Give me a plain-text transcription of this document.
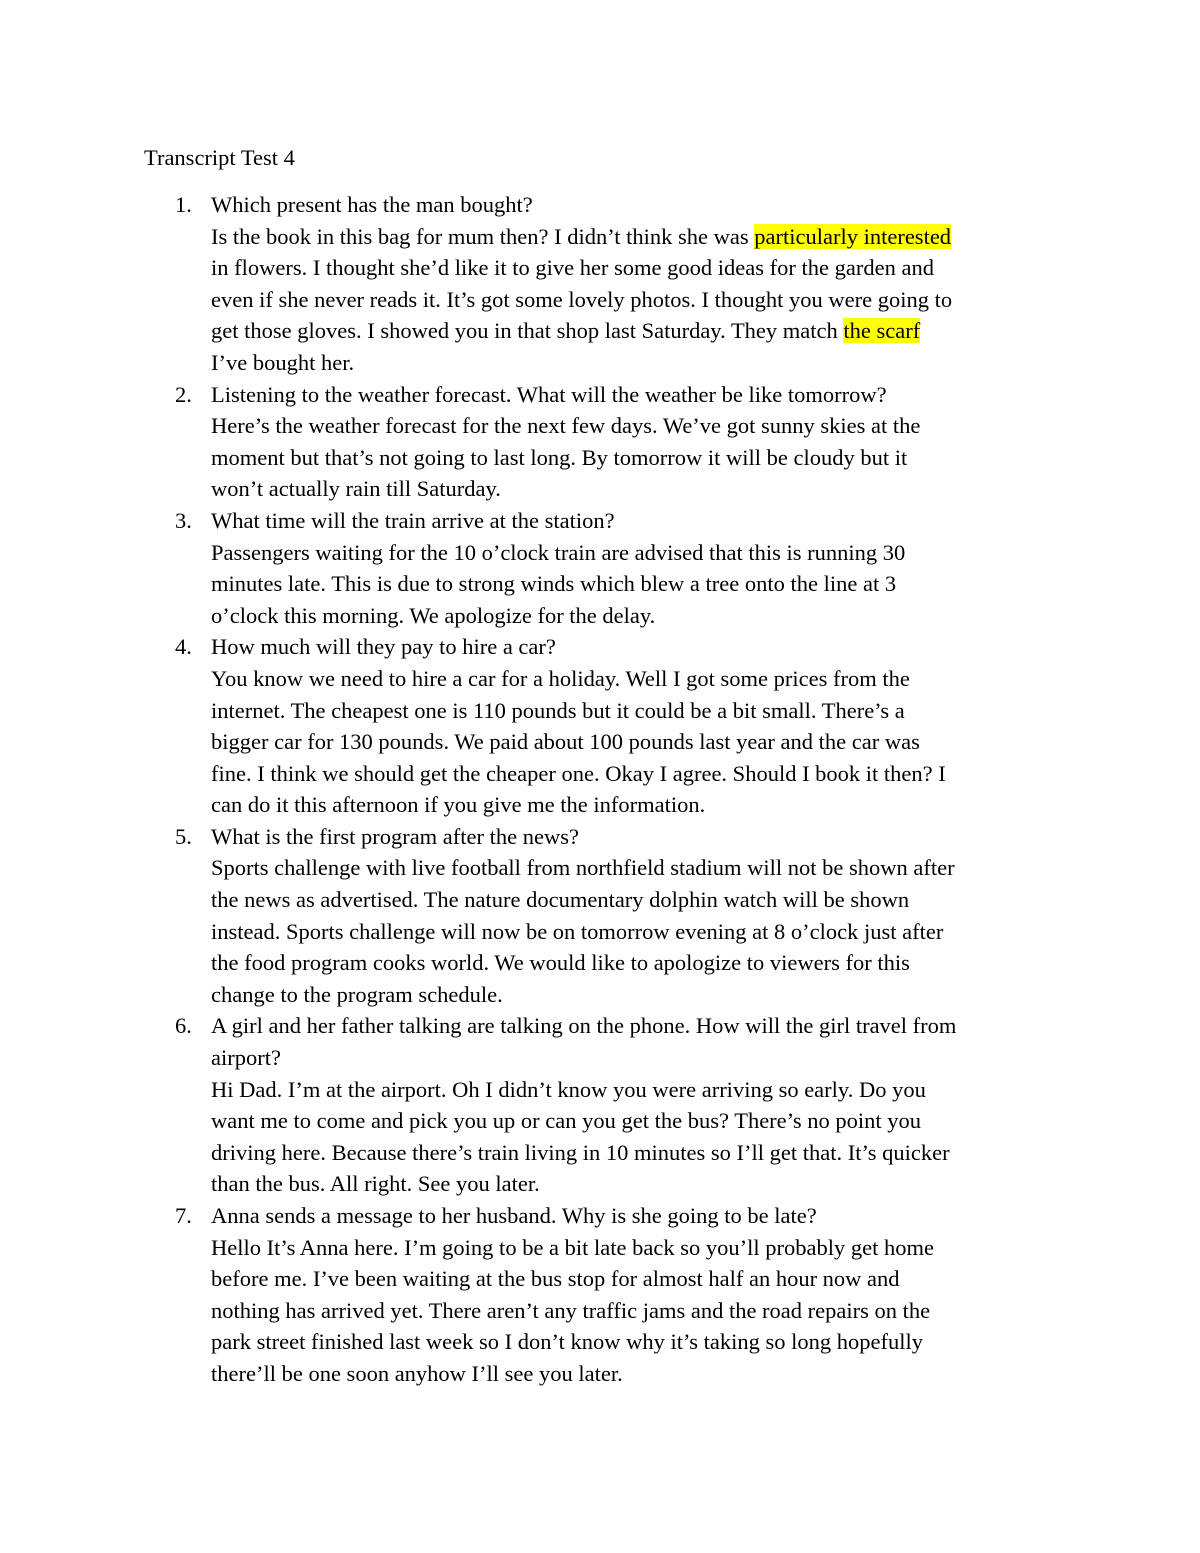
Transcript Test 4
1. Which present has the man bought?
Is the book in this bag for mum then? I didn’t think she was particularly interested
in flowers. I thought she’d like it to give her some good ideas for the garden and
even if she never reads it. It’s got some lovely photos. I thought you were going to
get those gloves. I showed you in that shop last Saturday. They match the scarf
I’ve bought her.
2. Listening to the weather forecast. What will the weather be like tomorrow?
Here’s the weather forecast for the next few days. We’ve got sunny skies at the
moment but that’s not going to last long. By tomorrow it will be cloudy but it
won’t actually rain till Saturday.
3. What time will the train arrive at the station?
Passengers waiting for the 10 o’clock train are advised that this is running 30
minutes late. This is due to strong winds which blew a tree onto the line at 3
o’clock this morning. We apologize for the delay.
4. How much will they pay to hire a car?
You know we need to hire a car for a holiday. Well I got some prices from the
internet. The cheapest one is 110 pounds but it could be a bit small. There’s a
bigger car for 130 pounds. We paid about 100 pounds last year and the car was
fine. I think we should get the cheaper one. Okay I agree. Should I book it then? I
can do it this afternoon if you give me the information.
5. What is the first program after the news?
Sports challenge with live football from northfield stadium will not be shown after
the news as advertised. The nature documentary dolphin watch will be shown
instead. Sports challenge will now be on tomorrow evening at 8 o’clock just after
the food program cooks world. We would like to apologize to viewers for this
change to the program schedule.
6. A girl and her father talking are talking on the phone. How will the girl travel from
airport?
Hi Dad. I’m at the airport. Oh I didn’t know you were arriving so early. Do you
want me to come and pick you up or can you get the bus? There’s no point you
driving here. Because there’s train living in 10 minutes so I’ll get that. It’s quicker
than the bus. All right. See you later.
7. Anna sends a message to her husband. Why is she going to be late?
Hello It’s Anna here. I’m going to be a bit late back so you’ll probably get home
before me. I’ve been waiting at the bus stop for almost half an hour now and
nothing has arrived yet. There aren’t any traffic jams and the road repairs on the
park street finished last week so I don’t know why it’s taking so long hopefully
there’ll be one soon anyhow I’ll see you later.
